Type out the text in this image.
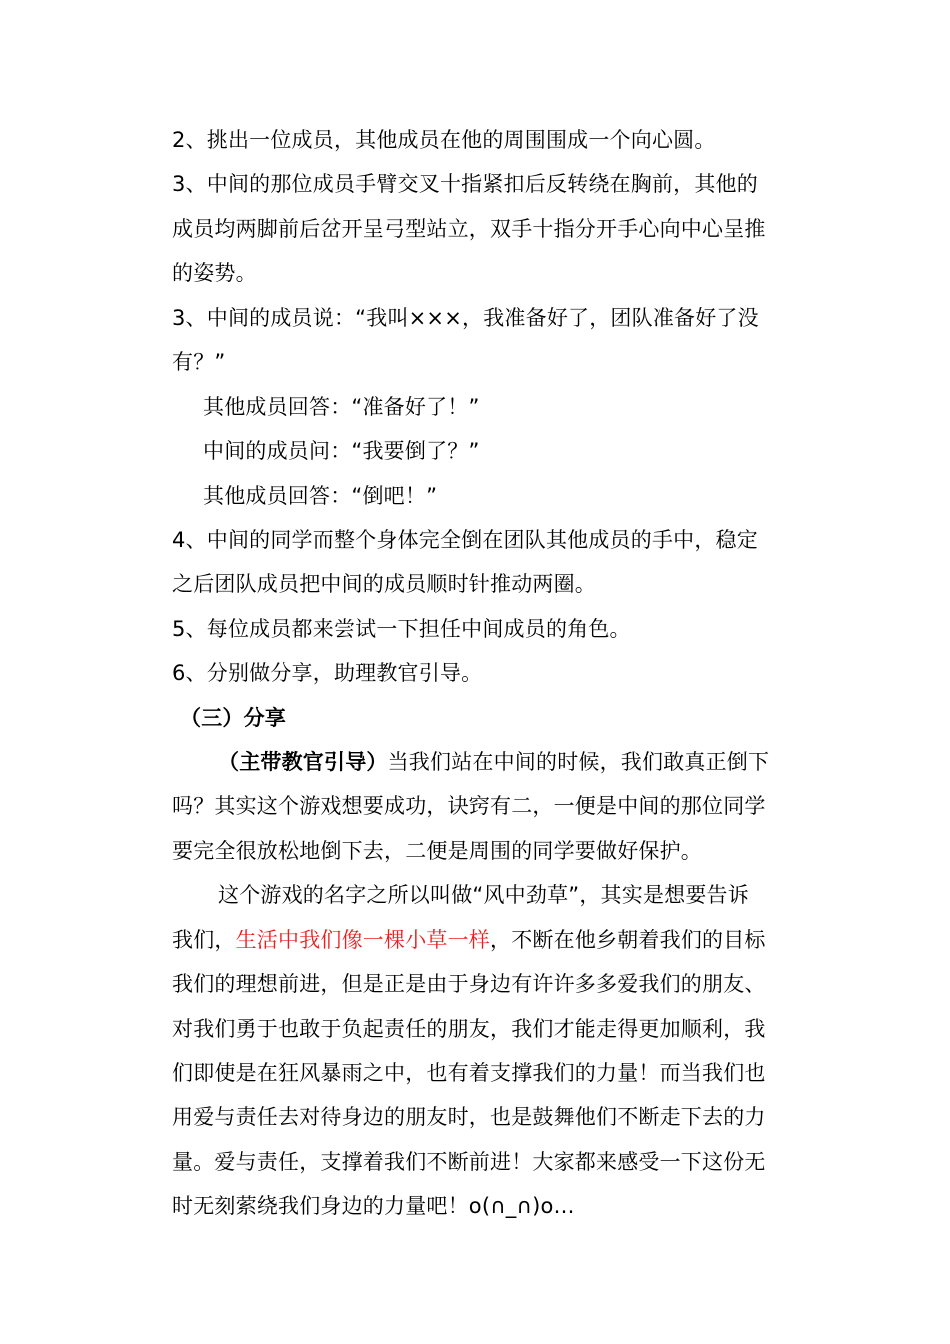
2、挑出一位成员，其他成员在他的周围围成一个向心圆。
3、中间的那位成员手臂交叉十指紧扣后反转绕在胸前，其他的
成员均两脚前后岔开呈弓型站立，双手十指分开手心向中心呈推
的姿势。
3、中间的成员说：“我叫×××，我准备好了，团队准备好了没
有？”
其他成员回答：“准备好了！”
中间的成员问：“我要倒了？”
其他成员回答：“倒吧！”
4、中间的同学而整个身体完全倒在团队其他成员的手中，稳定
之后团队成员把中间的成员顺时针推动两圈。
5、每位成员都来尝试一下担任中间成员的角色。
6、分别做分享，助理教官引导。
（三）分享
（主带教官引导）当我们站在中间的时候，我们敢真正倒下
吗？其实这个游戏想要成功，诀窍有二，一便是中间的那位同学
要完全很放松地倒下去，二便是周围的同学要做好保护。
这个游戏的名字之所以叫做“风中劲草”，其实是想要告诉
我们，生活中我们像一棵小草一样，不断在他乡朝着我们的目标
我们的理想前进，但是正是由于身边有许许多多爱我们的朋友、
对我们勇于也敢于负起责任的朋友，我们才能走得更加顺利，我
们即使是在狂风暴雨之中，也有着支撑我们的力量！而当我们也
用爱与责任去对待身边的朋友时，也是鼓舞他们不断走下去的力
量。爱与责任，支撑着我们不断前进！大家都来感受一下这份无
时无刻萦绕我们身边的力量吧！o(∩_∩)o…
